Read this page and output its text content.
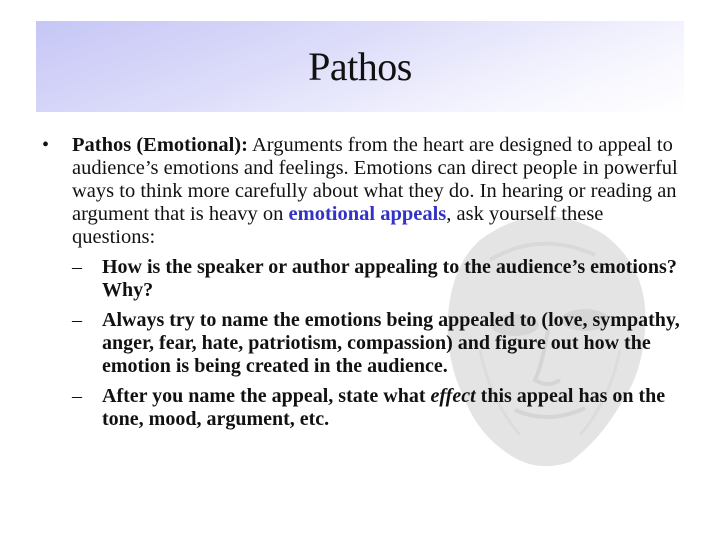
Pathos
• Pathos (Emotional): Arguments from the heart are designed to appeal to audience’s emotions and feelings. Emotions can direct people in powerful ways to think more carefully about what they do. In hearing or reading an argument that is heavy on emotional appeals, ask yourself these questions:
– How is the speaker or author appealing to the audience’s emotions? Why?
– Always try to name the emotions being appealed to (love, sympathy, anger, fear, hate, patriotism, compassion) and figure out how the emotion is being created in the audience.
– After you name the appeal, state what effect this appeal has on the tone, mood, argument, etc.
